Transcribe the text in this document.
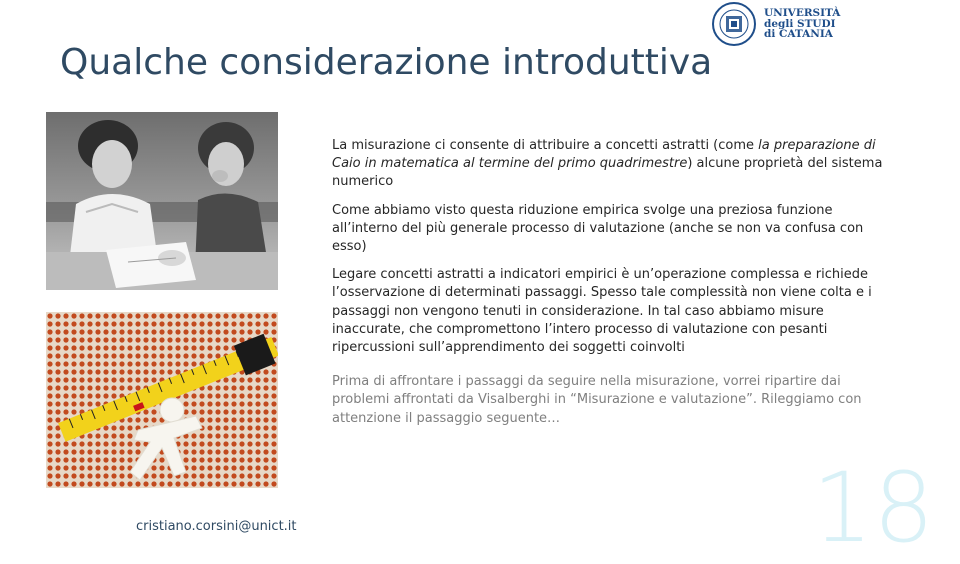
Qualche considerazione introduttiva
UNIVERSITÀ
degli STUDI
di CATANIA

La misurazione ci consente di attribuire a concetti astratti (come la preparazione di Caio in matematica al termine del primo quadrimestre) alcune proprietà del sistema numerico

Come abbiamo visto questa riduzione empirica svolge una preziosa funzione all’interno del più generale processo di valutazione (anche se non va confusa con esso)

Legare concetti astratti a indicatori empirici è un’operazione complessa e richiede l’osservazione di determinati passaggi. Spesso tale complessità non viene colta e i passaggi non vengono tenuti in considerazione. In tal caso abbiamo misure inaccurate, che compromettono l’intero processo di valutazione con pesanti ripercussioni sull’apprendimento dei soggetti coinvolti

Prima di affrontare i passaggi da seguire nella misurazione, vorrei ripartire dai problemi affrontati da Visalberghi in “Misurazione e valutazione”. Rileggiamo con attenzione il passaggio seguente…

cristiano.corsini@unict.it	18
